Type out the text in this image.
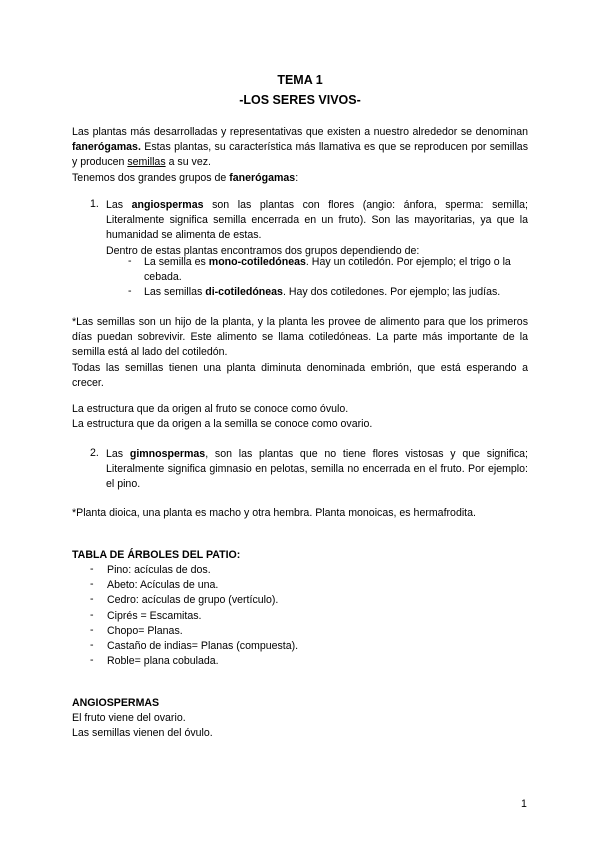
TEMA 1
-LOS SERES VIVOS-

Las plantas más desarrolladas y representativas que existen a nuestro alrededor se denominan fanerógamas. Estas plantas, su característica más llamativa es que se reproducen por semillas y producen semillas a su vez.

Tenemos dos grandes grupos de fanerógamas:

1. Las angiospermas son las plantas con flores (angio: ánfora, sperma: semilla; Literalmente significa semilla encerrada en un fruto). Son las mayoritarias, ya que la humanidad se alimenta de estas.

Dentro de estas plantas encontramos dos grupos dependiendo de:

- La semilla es mono-cotiledóneas. Hay un cotiledón. Por ejemplo; el trigo o la cebada.

- Las semillas di-cotiledóneas. Hay dos cotiledones. Por ejemplo; las judías.

*Las semillas son un hijo de la planta, y la planta les provee de alimento para que los primeros días puedan sobrevivir. Este alimento se llama cotiledóneas. La parte más importante de la semilla está al lado del cotiledón.

Todas las semillas tienen una planta diminuta denominada embrión, que está esperando a crecer.

La estructura que da origen al fruto se conoce como óvulo.

La estructura que da origen a la semilla se conoce como ovario.

2. Las gimnospermas, son las plantas que no tiene flores vistosas y que significa; Literalmente significa gimnasio en pelotas, semilla no encerrada en el fruto. Por ejemplo: el pino.

*Planta dioica, una planta es macho y otra hembra. Planta monoicas, es hermafrodita.
TABLA DE ÁRBOLES DEL PATIO:
- Pino: acículas de dos.
- Abeto: Acículas de una.
- Cedro: acículas de grupo (vertículo).
- Ciprés = Escamitas.
- Chopo= Planas.
- Castaño de indias= Planas (compuesta).
- Roble= plana cobulada.
ANGIOSPERMAS

El fruto viene del ovario.

Las semillas vienen del óvulo.

1
